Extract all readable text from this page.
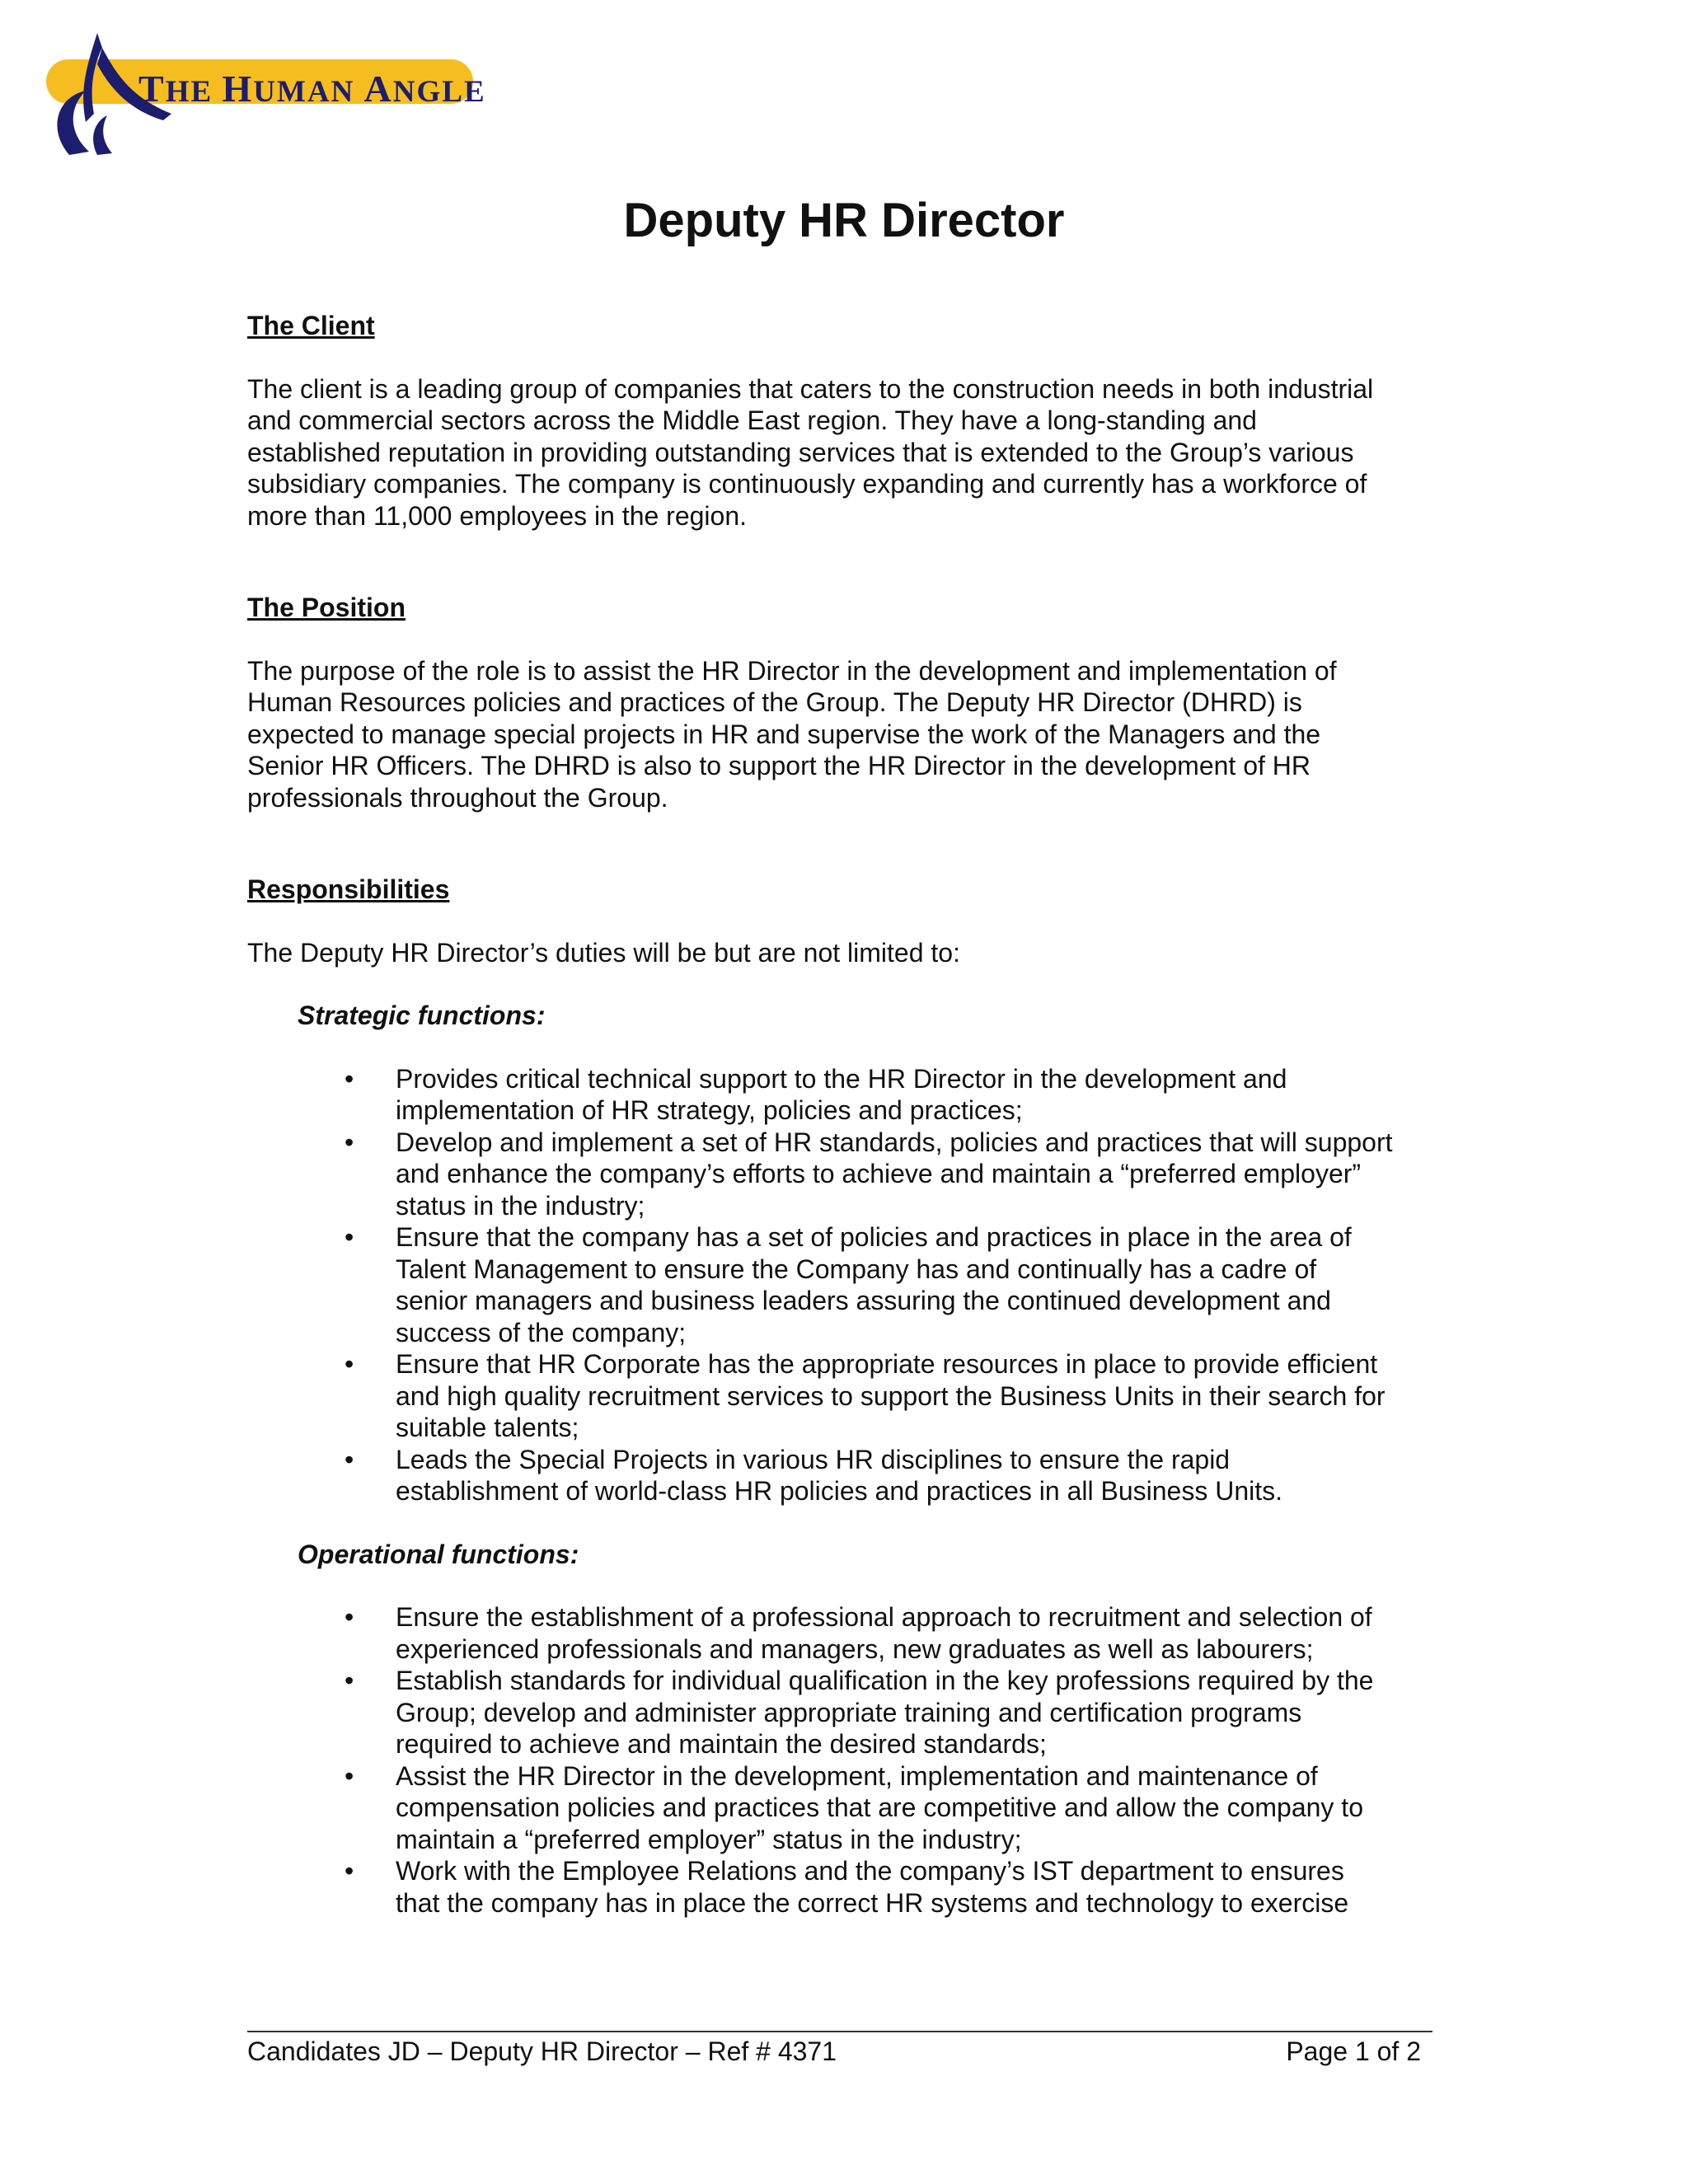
THE HUMAN ANGLE
Deputy HR Director
The Client

The client is a leading group of companies that caters to the construction needs in both industrial

and commercial sectors across the Middle East region. They have a long-standing and

established reputation in providing outstanding services that is extended to the Group’s various

subsidiary companies. The company is continuously expanding and currently has a workforce of

more than 11,000 employees in the region.

The Position

The purpose of the role is to assist the HR Director in the development and implementation of

Human Resources policies and practices of the Group. The Deputy HR Director (DHRD) is

expected to manage special projects in HR and supervise the work of the Managers and the

Senior HR Officers. The DHRD is also to support the HR Director in the development of HR

professionals throughout the Group.

Responsibilities

The Deputy HR Director’s duties will be but are not limited to:

Strategic functions:
• Provides critical technical support to the HR Director in the development and
implementation of HR strategy, policies and practices;
• Develop and implement a set of HR standards, policies and practices that will support
and enhance the company’s efforts to achieve and maintain a “preferred employer”
status in the industry;
• Ensure that the company has a set of policies and practices in place in the area of
Talent Management to ensure the Company has and continually has a cadre of
senior managers and business leaders assuring the continued development and
success of the company;
• Ensure that HR Corporate has the appropriate resources in place to provide efficient
and high quality recruitment services to support the Business Units in their search for
suitable talents;
• Leads the Special Projects in various HR disciplines to ensure the rapid
establishment of world-class HR policies and practices in all Business Units.
Operational functions:
• Ensure the establishment of a professional approach to recruitment and selection of
experienced professionals and managers, new graduates as well as labourers;
• Establish standards for individual qualification in the key professions required by the
Group; develop and administer appropriate training and certification programs
required to achieve and maintain the desired standards;
• Assist the HR Director in the development, implementation and maintenance of
compensation policies and practices that are competitive and allow the company to
maintain a “preferred employer” status in the industry;
• Work with the Employee Relations and the company’s IST department to ensures
that the company has in place the correct HR systems and technology to exercise
Candidates JD – Deputy HR Director – Ref # 4371	Page 1 of 2
